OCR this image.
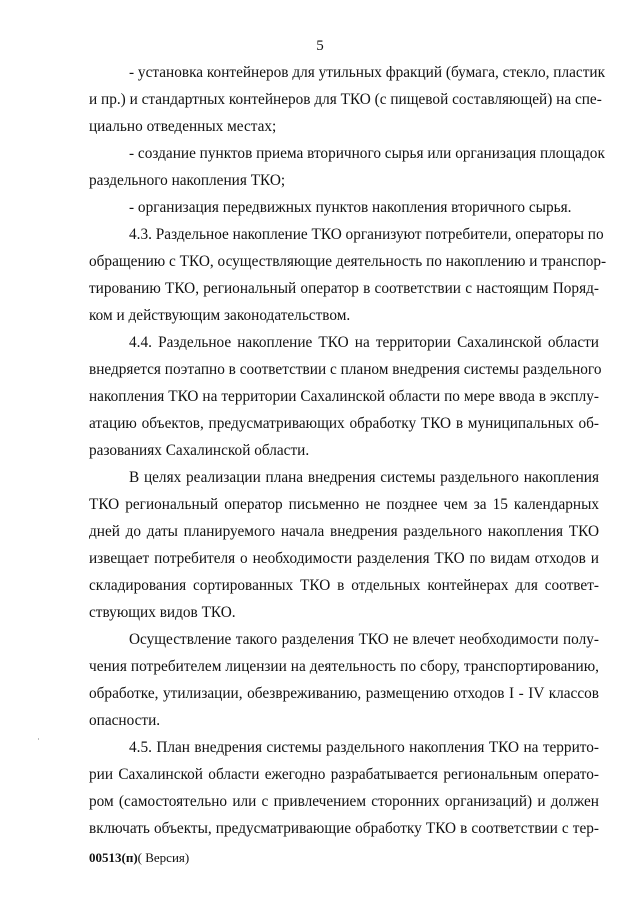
5
- установка контейнеров для утильных фракций (бумага, стекло, пластик
и пр.) и стандартных контейнеров для ТКО (с пищевой составляющей) на спе-
циально отведенных местах;
- создание пунктов приема вторичного сырья или организация площадок
раздельного накопления ТКО;
- организация передвижных пунктов накопления вторичного сырья.
4.3. Раздельное накопление ТКО организуют потребители, операторы по
обращению с ТКО, осуществляющие деятельность по накоплению и транспор-
тированию ТКО, региональный оператор в соответствии с настоящим Поряд-
ком и действующим законодательством.
4.4. Раздельное накопление ТКО на территории Сахалинской области
внедряется поэтапно в соответствии с планом внедрения системы раздельного
накопления ТКО на территории Сахалинской области по мере ввода в эксплу-
атацию объектов, предусматривающих обработку ТКО в муниципальных об-
разованиях Сахалинской области.
В целях реализации плана внедрения системы раздельного накопления
ТКО региональный оператор письменно не позднее чем за 15 календарных
дней до даты планируемого начала внедрения раздельного накопления ТКО
извещает потребителя о необходимости разделения ТКО по видам отходов и
складирования сортированных ТКО в отдельных контейнерах для соответ-
ствующих видов ТКО.
Осуществление такого разделения ТКО не влечет необходимости полу-
чения потребителем лицензии на деятельность по сбору, транспортированию,
обработке, утилизации, обезвреживанию, размещению отходов I - IV классов
опасности.
4.5. План внедрения системы раздельного накопления ТКО на террито-
рии Сахалинской области ежегодно разрабатывается региональным операто-
ром (самостоятельно или с привлечением сторонних организаций) и должен
включать объекты, предусматривающие обработку ТКО в соответствии с тер-
00513(п)( Версия)
